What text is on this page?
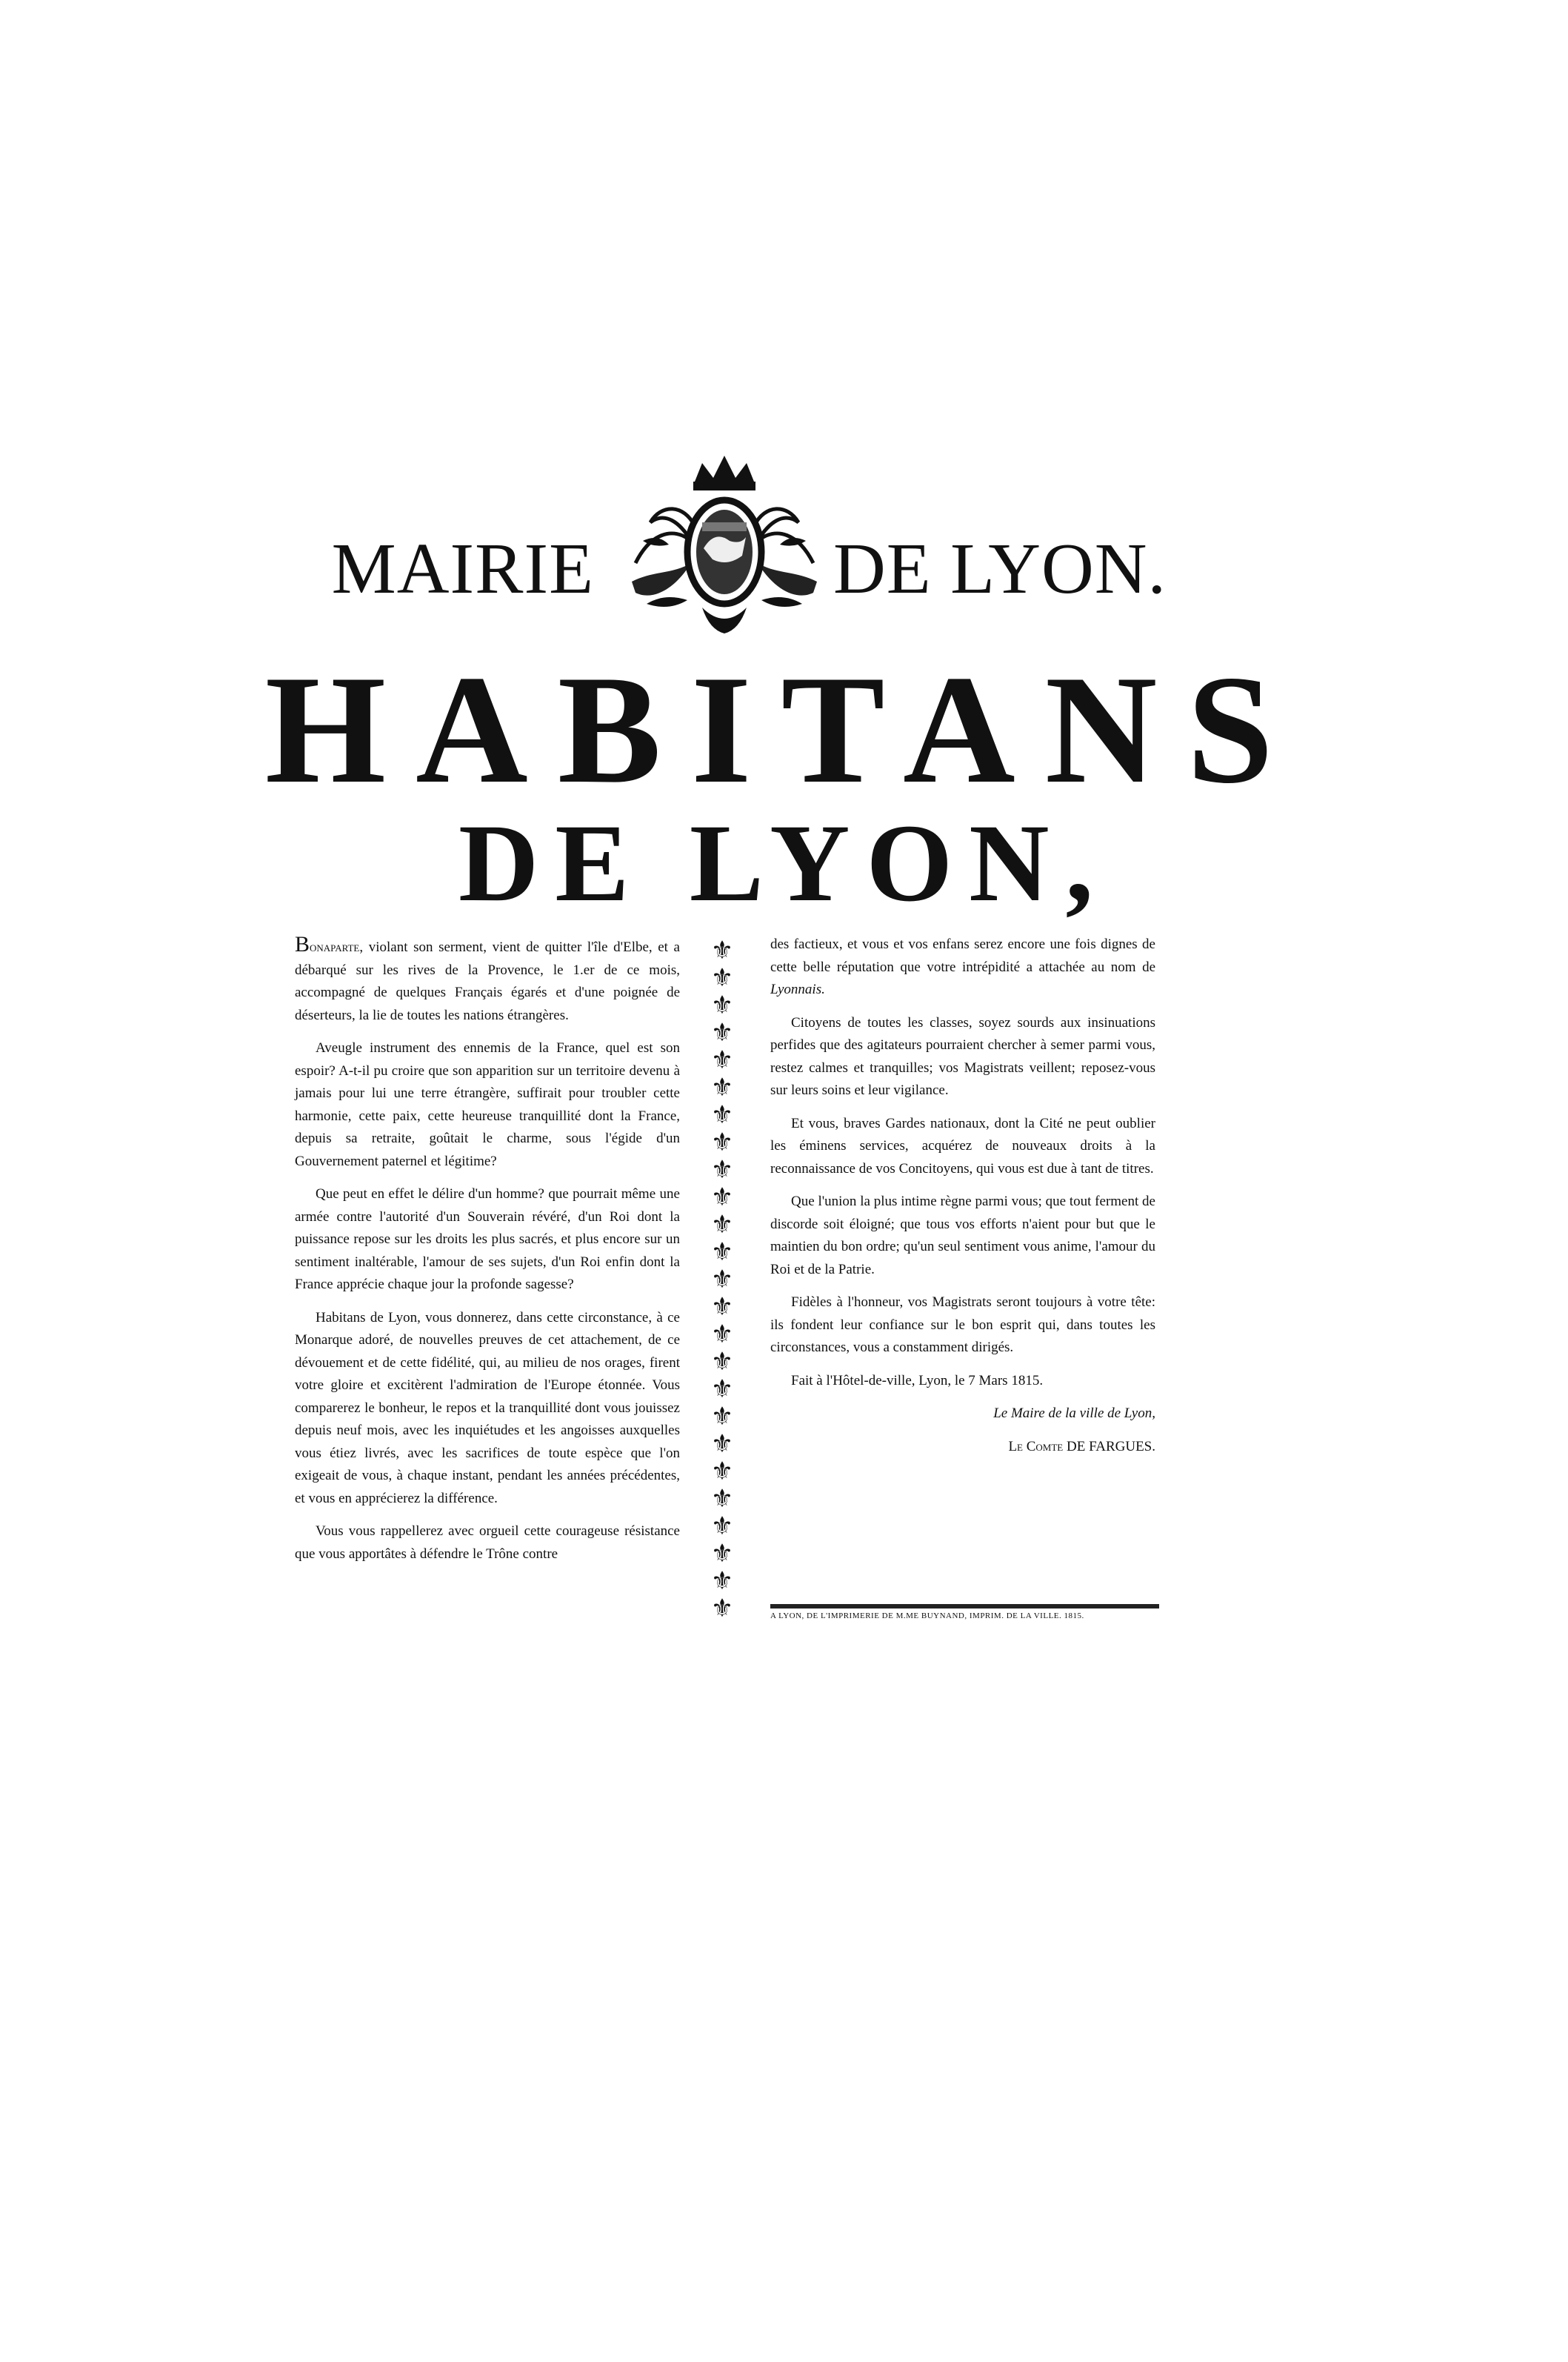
MAIRIE	DE LYON.
HABITANS
DE LYON,

Bonaparte, violant son serment, vient de quitter l'île d'Elbe, et a débarqué sur les rives de la Provence, le 1.er de ce mois, accompagné de quelques Français égarés et d'une poignée de déserteurs, la lie de toutes les nations étrangères.

Aveugle instrument des ennemis de la France, quel est son espoir? A-t-il pu croire que son apparition sur un territoire devenu à jamais pour lui une terre étrangère, suffirait pour troubler cette harmonie, cette paix, cette heureuse tranquillité dont la France, depuis sa retraite, goûtait le charme, sous l'égide d'un Gouvernement paternel et légitime?

Que peut en effet le délire d'un homme? que pourrait même une armée contre l'autorité d'un Souverain révéré, d'un Roi dont la puissance repose sur les droits les plus sacrés, et plus encore sur un sentiment inaltérable, l'amour de ses sujets, d'un Roi enfin dont la France apprécie chaque jour la profonde sagesse?

Habitans de Lyon, vous donnerez, dans cette circonstance, à ce Monarque adoré, de nouvelles preuves de cet attachement, de ce dévouement et de cette fidélité, qui, au milieu de nos orages, firent votre gloire et excitèrent l'admiration de l'Europe étonnée. Vous comparerez le bonheur, le repos et la tranquillité dont vous jouissez depuis neuf mois, avec les inquiétudes et les angoisses auxquelles vous étiez livrés, avec les sacrifices de toute espèce que l'on exigeait de vous, à chaque instant, pendant les années précédentes, et vous en apprécierez la différence.

Vous vous rappellerez avec orgueil cette courageuse résistance que vous apportâtes à défendre le Trône contre

⚜
⚜
⚜
⚜
⚜
⚜
⚜
⚜
⚜
⚜
⚜
⚜
⚜
⚜
⚜
⚜
⚜
⚜
⚜
⚜
⚜
⚜
⚜
⚜
⚜

des factieux, et vous et vos enfans serez encore une fois dignes de cette belle réputation que votre intrépidité a attachée au nom de Lyonnais.

Citoyens de toutes les classes, soyez sourds aux insinuations perfides que des agitateurs pourraient chercher à semer parmi vous, restez calmes et tranquilles; vos Magistrats veillent; reposez-vous sur leurs soins et leur vigilance.

Et vous, braves Gardes nationaux, dont la Cité ne peut oublier les éminens services, acquérez de nouveaux droits à la reconnaissance de vos Concitoyens, qui vous est due à tant de titres.

Que l'union la plus intime règne parmi vous; que tout ferment de discorde soit éloigné; que tous vos efforts n'aient pour but que le maintien du bon ordre; qu'un seul sentiment vous anime, l'amour du Roi et de la Patrie.

Fidèles à l'honneur, vos Magistrats seront toujours à votre tête: ils fondent leur confiance sur le bon esprit qui, dans toutes les circonstances, vous a constamment dirigés.

Fait à l'Hôtel-de-ville, Lyon, le 7 Mars 1815.

Le Maire de la ville de Lyon,

Le Comte DE FARGUES.

A LYON, DE L'IMPRIMERIE DE M.ME BUYNAND, IMPRIM. DE LA VILLE. 1815.
